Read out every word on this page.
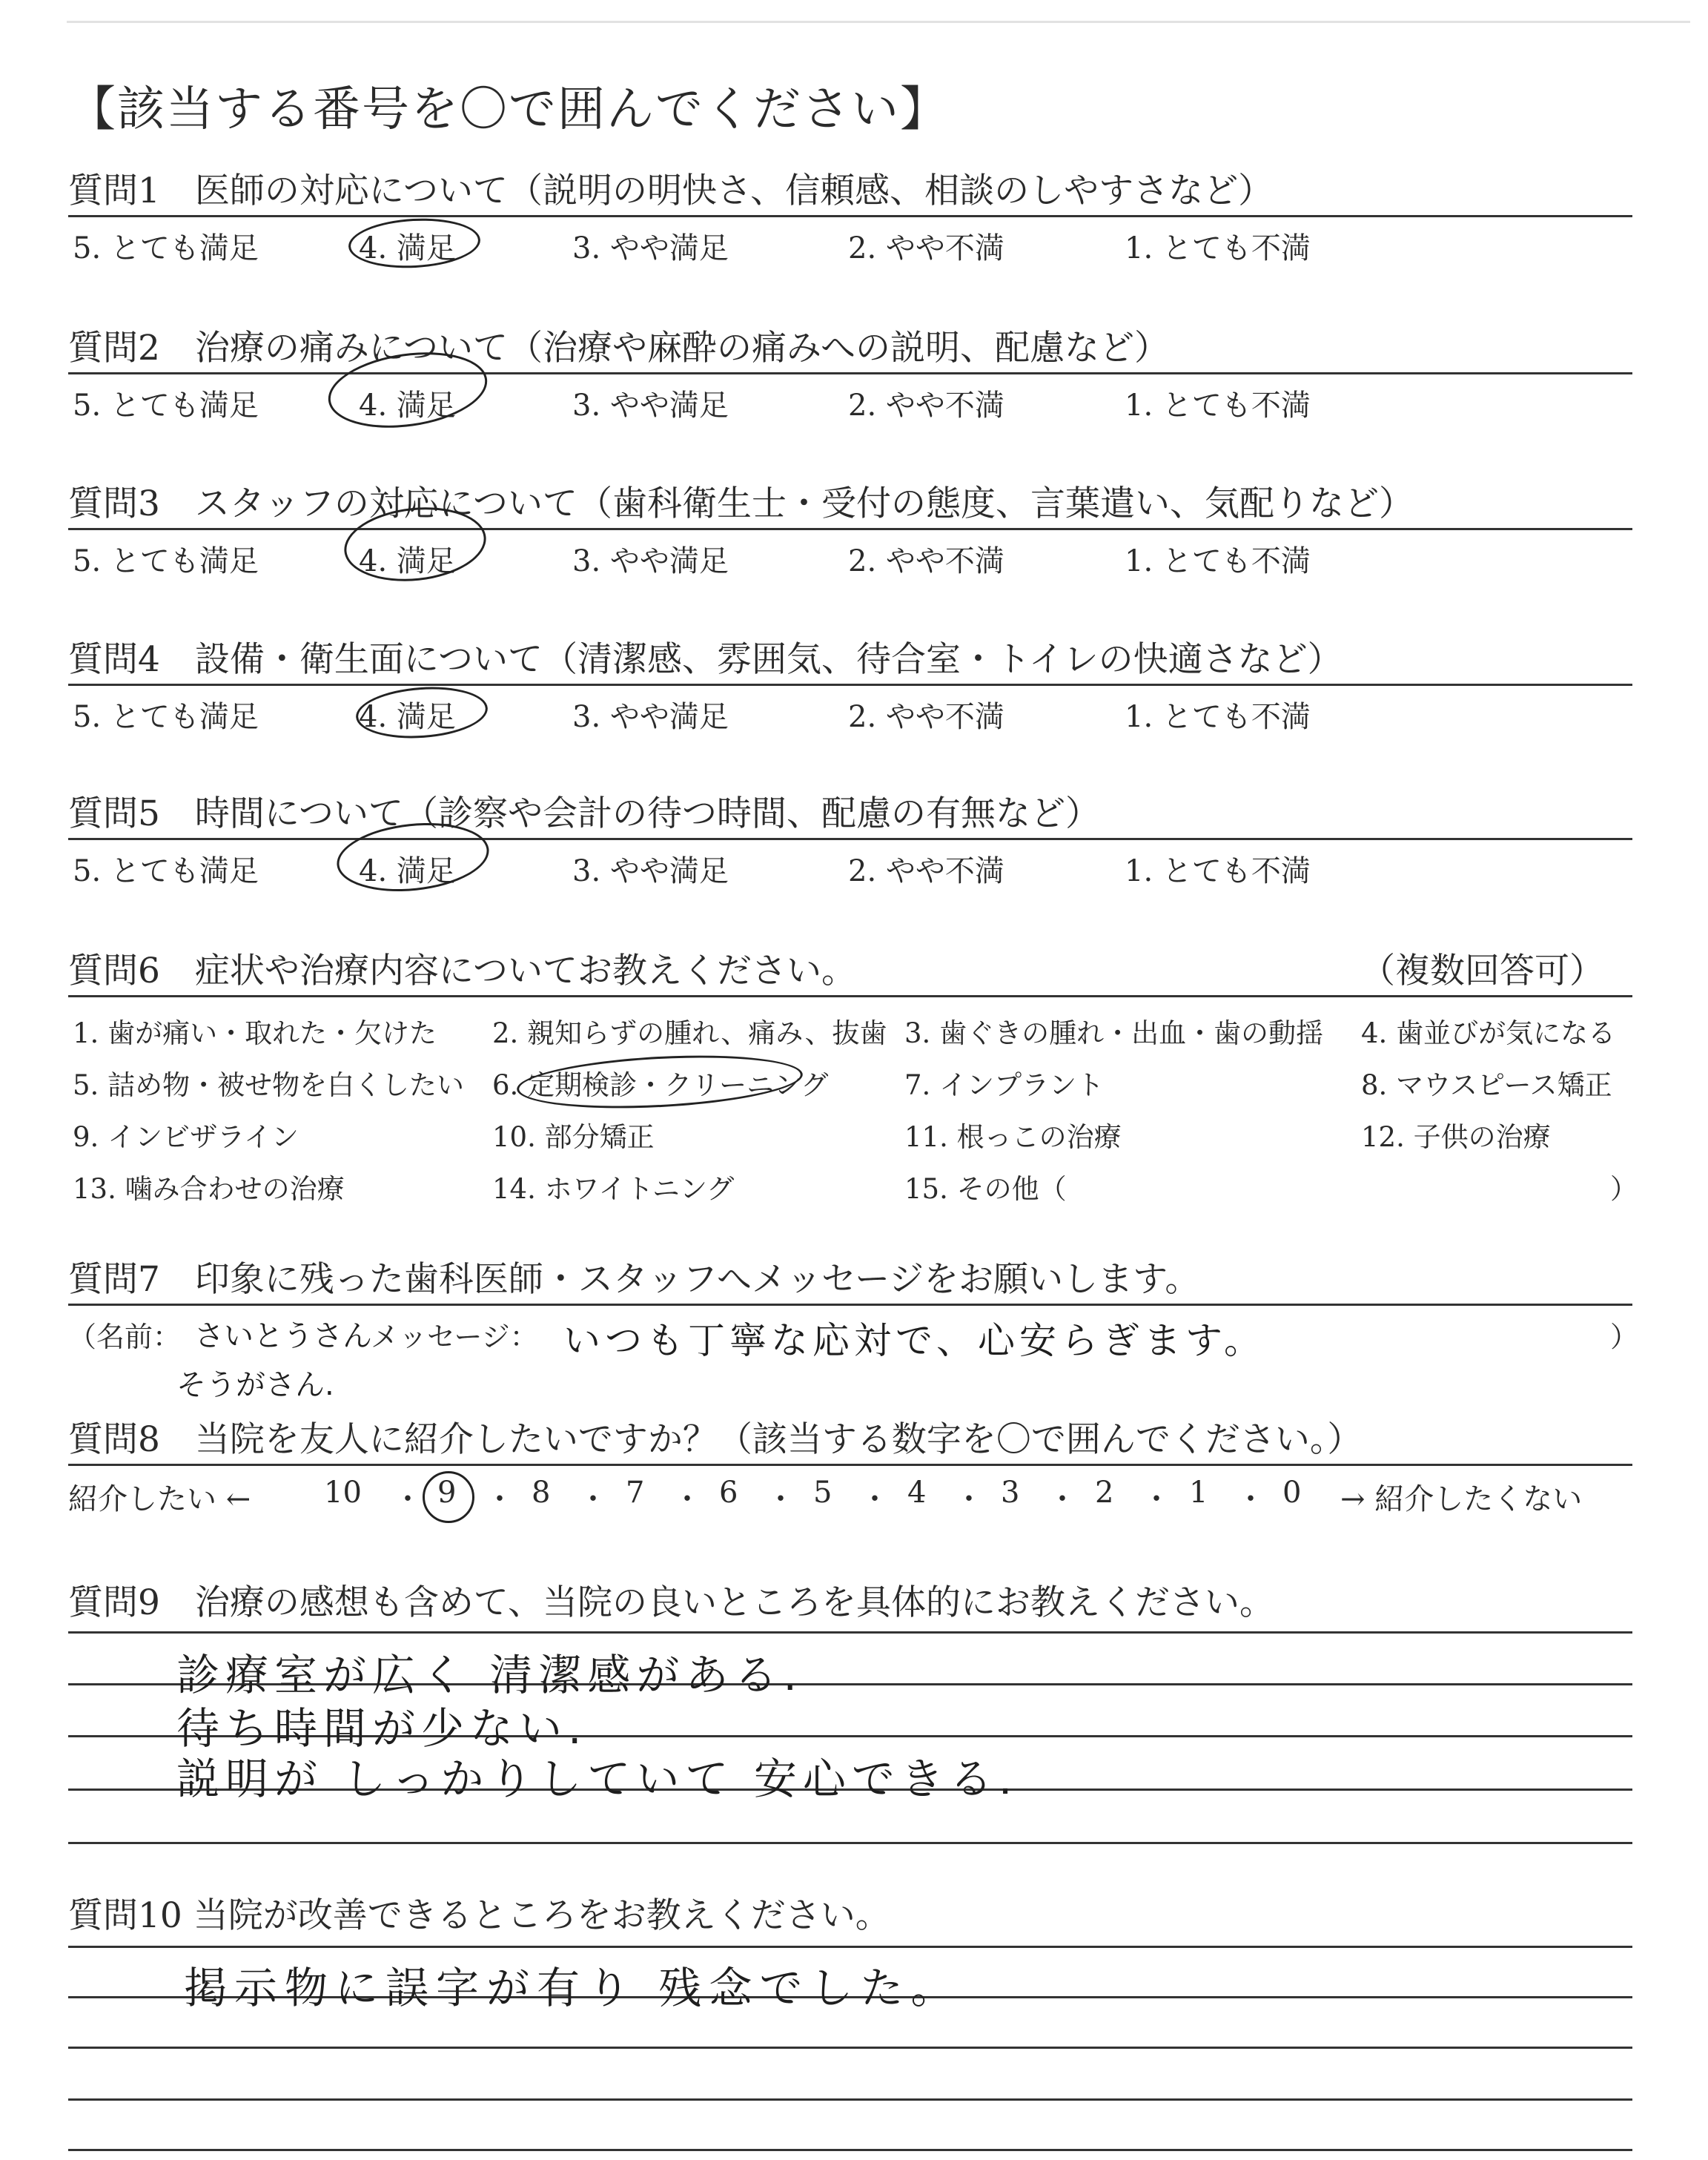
【該当する番号を〇で囲んでください】
質問1　医師の対応について（説明の明快さ、信頼感、相談のしやすさなど）
5. とても満足	4. 満足	3. やや満足	2. やや不満	1. とても不満
質問2　治療の痛みについて（治療や麻酔の痛みへの説明、配慮など）
5. とても満足	4. 満足	3. やや満足	2. やや不満	1. とても不満
質問3　スタッフの対応について（歯科衛生士・受付の態度、言葉遣い、気配りなど）
5. とても満足	4. 満足	3. やや満足	2. やや不満	1. とても不満
質問4　設備・衛生面について（清潔感、雰囲気、待合室・トイレの快適さなど）
5. とても満足	4. 満足	3. やや満足	2. やや不満	1. とても不満
質問5　時間について（診察や会計の待つ時間、配慮の有無など）
5. とても満足	4. 満足	3. やや満足	2. やや不満	1. とても不満
質問6　症状や治療内容についてお教えください。	（複数回答可）
1. 歯が痛い・取れた・欠けた 2. 親知らずの腫れ、痛み、抜歯 3. 歯ぐきの腫れ・出血・歯の動揺 4. 歯並びが気になる
5. 詰め物・被せ物を白くしたい 6. 定期検診・クリーニング	7. インプラント	8. マウスピース矯正
9. インビザライン	10. 部分矯正	11. 根っこの治療	12. 子供の治療
13. 噛み合わせの治療	14. ホワイトニング	15. その他（	）
質問7　印象に残った歯科医師・スタッフへメッセージをお願いします。
（名前： さいとうさん
メッセージ： いつも丁寧な応対で、心安らぎます。	）
そうがさん.
質問8　当院を友人に紹介したいですか？（該当する数字を〇で囲んでください。）
紹介したい ← 10 ・ 9 ・ 8 ・ 7 ・ 6 ・ 5 ・ 4 ・ 3 ・ 2 ・ 1 ・ 0 → 紹介したくない
質問9　治療の感想も含めて、当院の良いところを具体的にお教えください。
診療室が広く 清潔感がある.
待ち時間が少ない.
説明が しっかりしていて 安心できる.
質問10 当院が改善できるところをお教えください。
掲示物に誤字が有り 残念でした。
